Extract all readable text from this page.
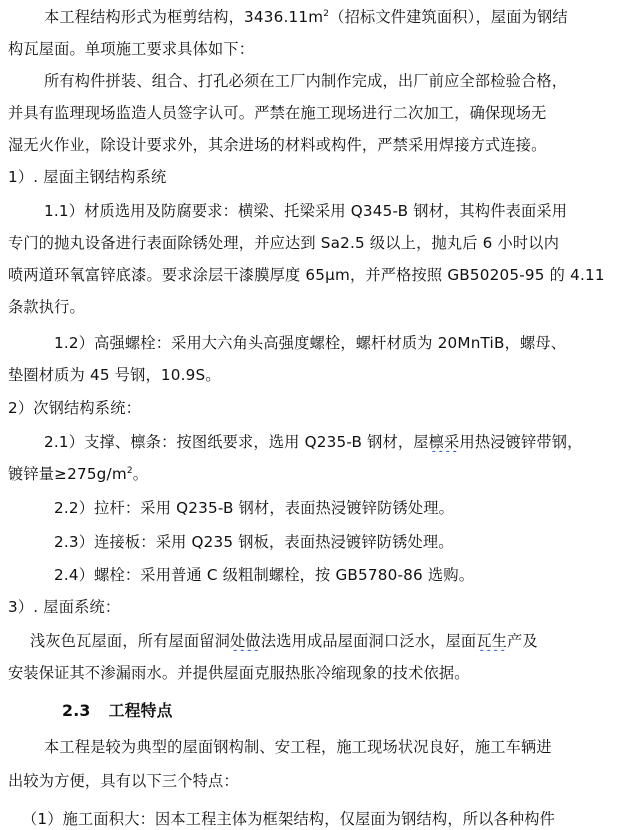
本工程结构形式为框剪结构，$3436.11m^2$（招标文件建筑面积），屋面为钢结
构瓦屋面。单项施工要求具体如下：
所有构件拼装、组合、打孔必须在工厂内制作完成，出厂前应全部检验合格，
并具有监理现场监造人员签字认可。严禁在施工现场进行二次加工，确保现场无
湿无火作业，除设计要求外，其余进场的材料或构件，严禁采用焊接方式连接。
1）. 屋面主钢结构系统
1.1）材质选用及防腐要求：横梁、托梁采用 Q345-B 钢材，其构件表面采用
专门的抛丸设备进行表面除锈处理，并应达到 Sa2.5 级以上，抛丸后 6 小时以内
喷两道环氧富锌底漆。要求涂层干漆膜厚度 65μm，并严格按照 GB50205-95 的 4.11
条款执行。
1.2）高强螺栓：采用大六角头高强度螺栓，螺杆材质为 20MnTiB，螺母、
垫圈材质为 45 号钢，10.9S。
2）次钢结构系统：
2.1）支撑、檩条：按图纸要求，选用 Q235-B 钢材，屋檩采用热浸镀锌带钢，
镀锌量$\ge 275g/m^2$。
2.2）拉杆：采用 Q235-B 钢材，表面热浸镀锌防锈处理。
2.3）连接板：采用 Q235 钢板，表面热浸镀锌防锈处理。
2.4）螺栓：采用普通 C 级粗制螺栓，按 GB5780-86 选购。
3）. 屋面系统：
浅灰色瓦屋面，所有屋面留洞处做法选用成品屋面洞口泛水，屋面瓦生产及
安装保证其不渗漏雨水。并提供屋面克服热胀冷缩现象的技术依据。
2.3 工程特点
本工程是较为典型的屋面钢构制、安工程，施工现场状况良好，施工车辆进
出较为方便，具有以下三个特点：
（1）施工面积大：因本工程主体为框架结构，仅屋面为钢结构，所以各种构件
